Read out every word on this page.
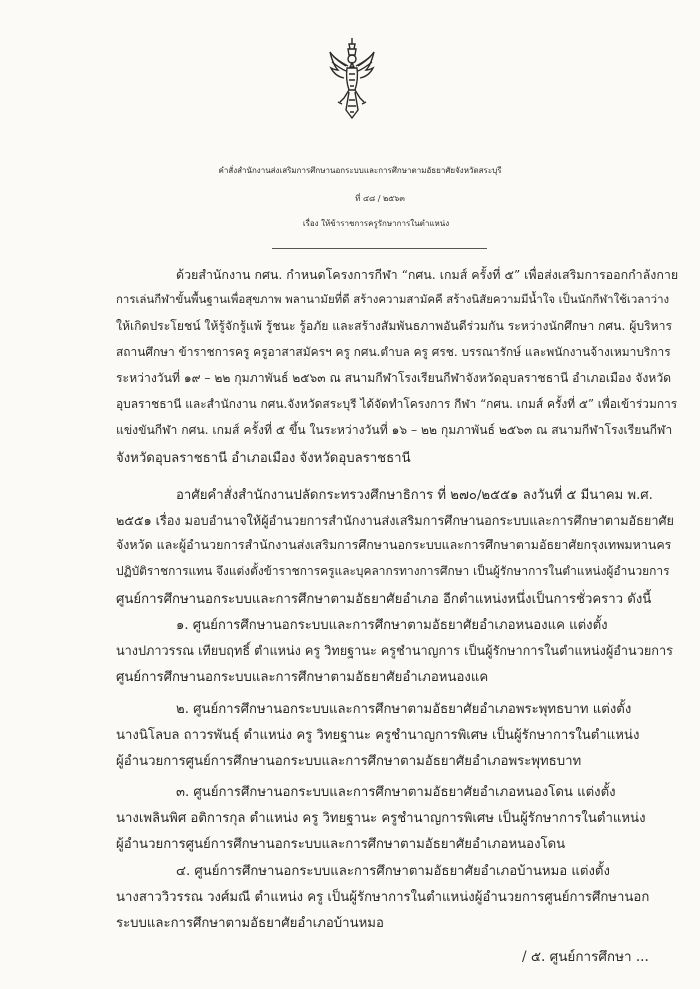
คำสั่งสำนักงานส่งเสริมการศึกษานอกระบบและการศึกษาตามอัธยาศัยจังหวัดสระบุรี
ที่ ๔๘ / ๒๕๖๓
เรื่อง ให้ข้าราชการครูรักษาการในตำแหน่ง
ด้วยสำนักงาน กศน. กำหนดโครงการกีฬา “กศน. เกมส์ ครั้งที่ ๕” เพื่อส่งเสริมการออกกำลังกาย
การเล่นกีฬาขั้นพื้นฐานเพื่อสุขภาพ พลานามัยที่ดี สร้างความสามัคคี สร้างนิสัยความมีน้ำใจ เป็นนักกีฬาใช้เวลาว่าง
ให้เกิดประโยชน์ ให้รู้จักรู้แพ้ รู้ชนะ รู้อภัย และสร้างสัมพันธภาพอันดีร่วมกัน ระหว่างนักศึกษา กศน. ผู้บริหาร
สถานศึกษา ข้าราชการครู ครูอาสาสมัครฯ ครู กศน.ตำบล ครู ศรช. บรรณารักษ์ และพนักงานจ้างเหมาบริการ
ระหว่างวันที่ ๑๙ – ๒๒ กุมภาพันธ์ ๒๕๖๓ ณ สนามกีฬาโรงเรียนกีฬาจังหวัดอุบลราชธานี อำเภอเมือง จังหวัด
อุบลราชธานี และสำนักงาน กศน.จังหวัดสระบุรี ได้จัดทำโครงการ กีฬา “กศน. เกมส์ ครั้งที่ ๕” เพื่อเข้าร่วมการ
แข่งขันกีฬา กศน. เกมส์ ครั้งที่ ๕ ขึ้น ในระหว่างวันที่ ๑๖ – ๒๒ กุมภาพันธ์ ๒๕๖๓ ณ สนามกีฬาโรงเรียนกีฬา
จังหวัดอุบลราชธานี อำเภอเมือง จังหวัดอุบลราชธานี
อาศัยคำสั่งสำนักงานปลัดกระทรวงศึกษาธิการ ที่ ๒๗๐/๒๕๕๑ ลงวันที่ ๕ มีนาคม พ.ศ.
๒๕๕๑ เรื่อง มอบอำนาจให้ผู้อำนวยการสำนักงานส่งเสริมการศึกษานอกระบบและการศึกษาตามอัธยาศัย
จังหวัด และผู้อำนวยการสำนักงานส่งเสริมการศึกษานอกระบบและการศึกษาตามอัธยาศัยกรุงเทพมหานคร
ปฏิบัติราชการแทน จึงแต่งตั้งข้าราชการครูและบุคลากรทางการศึกษา เป็นผู้รักษาการในตำแหน่งผู้อำนวยการ
ศูนย์การศึกษานอกระบบและการศึกษาตามอัธยาศัยอำเภอ อีกตำแหน่งหนึ่งเป็นการชั่วคราว ดังนี้
๑. ศูนย์การศึกษานอกระบบและการศึกษาตามอัธยาศัยอำเภอหนองแค แต่งตั้ง
นางปภาวรรณ เทียบฤทธิ์ ตำแหน่ง ครู วิทยฐานะ ครูชำนาญการ เป็นผู้รักษาการในตำแหน่งผู้อำนวยการ
ศูนย์การศึกษานอกระบบและการศึกษาตามอัธยาศัยอำเภอหนองแค
๒. ศูนย์การศึกษานอกระบบและการศึกษาตามอัธยาศัยอำเภอพระพุทธบาท แต่งตั้ง
นางนิโลบล ถาวรพันธุ์ ตำแหน่ง ครู วิทยฐานะ ครูชำนาญการพิเศษ เป็นผู้รักษาการในตำแหน่ง
ผู้อำนวยการศูนย์การศึกษานอกระบบและการศึกษาตามอัธยาศัยอำเภอพระพุทธบาท
๓. ศูนย์การศึกษานอกระบบและการศึกษาตามอัธยาศัยอำเภอหนองโดน แต่งตั้ง
นางเพลินพิศ อติการกุล ตำแหน่ง ครู วิทยฐานะ ครูชำนาญการพิเศษ เป็นผู้รักษาการในตำแหน่ง
ผู้อำนวยการศูนย์การศึกษานอกระบบและการศึกษาตามอัธยาศัยอำเภอหนองโดน
๔. ศูนย์การศึกษานอกระบบและการศึกษาตามอัธยาศัยอำเภอบ้านหมอ แต่งตั้ง
นางสาววิวรรณ วงศ์มณี ตำแหน่ง ครู เป็นผู้รักษาการในตำแหน่งผู้อำนวยการศูนย์การศึกษานอก
ระบบและการศึกษาตามอัธยาศัยอำเภอบ้านหมอ
/ ๕. ศูนย์การศึกษา ...
